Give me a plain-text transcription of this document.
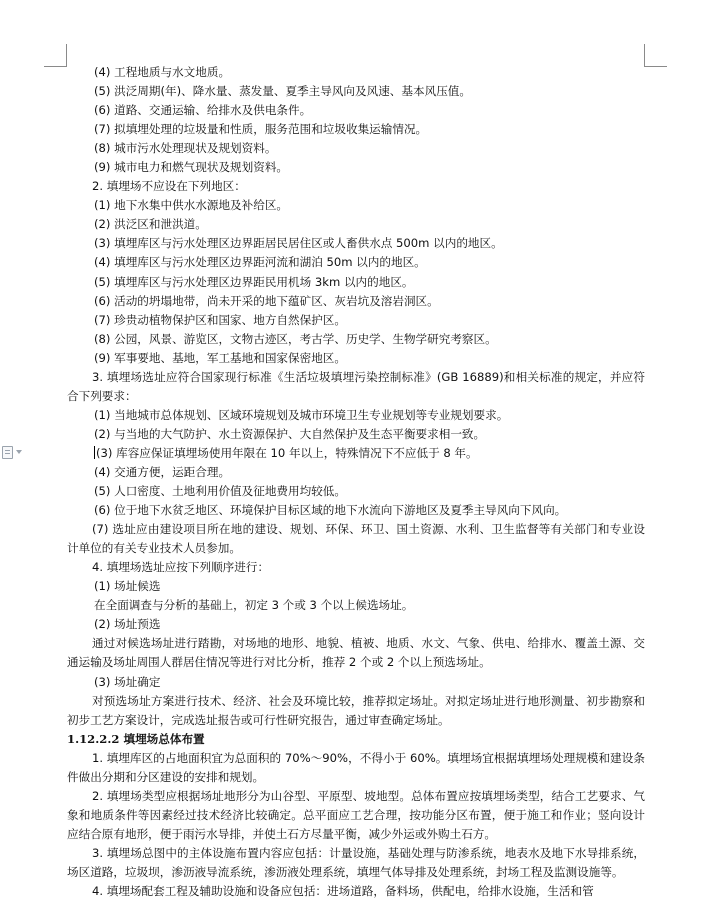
(4) 工程地质与水文地质。
(5) 洪泛周期(年)、降水量、蒸发量、夏季主导风向及风速、基本风压值。
(6) 道路、交通运输、给排水及供电条件。
(7) 拟填埋处理的垃圾量和性质，服务范围和垃圾收集运输情况。
(8) 城市污水处理现状及规划资料。
(9) 城市电力和燃气现状及规划资料。
2. 填埋场不应设在下列地区：
(1) 地下水集中供水水源地及补给区。
(2) 洪泛区和泄洪道。
(3) 填埋库区与污水处理区边界距居民居住区或人畜供水点 500m 以内的地区。
(4) 填埋库区与污水处理区边界距河流和湖泊 50m 以内的地区。
(5) 填埋库区与污水处理区边界距民用机场 3km 以内的地区。
(6) 活动的坍塌地带，尚未开采的地下蕴矿区、灰岩坑及溶岩洞区。
(7) 珍贵动植物保护区和国家、地方自然保护区。
(8) 公园，风景、游览区，文物古迹区，考古学、历史学、生物学研究考察区。
(9) 军事要地、基地，军工基地和国家保密地区。
3. 填埋场选址应符合国家现行标准《生活垃圾填埋污染控制标准》(GB 16889)和相关标准的规定，并应符合下列要求：
(1) 当地城市总体规划、区域环境规划及城市环境卫生专业规划等专业规划要求。
(2) 与当地的大气防护、水土资源保护、大自然保护及生态平衡要求相一致。
(3) 库容应保证填埋场使用年限在 10 年以上，特殊情况下不应低于 8 年。
(4) 交通方便，运距合理。
(5) 人口密度、土地利用价值及征地费用均较低。
(6) 位于地下水贫乏地区、环境保护目标区域的地下水流向下游地区及夏季主导风向下风向。
(7) 选址应由建设项目所在地的建设、规划、环保、环卫、国土资源、水利、卫生监督等有关部门和专业设计单位的有关专业技术人员参加。
4. 填埋场选址应按下列顺序进行：
(1) 场址候选
在全面调查与分析的基础上，初定 3 个或 3 个以上候选场址。
(2) 场址预选
通过对候选场址进行踏勘，对场地的地形、地貌、植被、地质、水文、气象、供电、给排水、覆盖土源、交通运输及场址周围人群居住情况等进行对比分析，推荐 2 个或 2 个以上预选场址。
(3) 场址确定
对预选场址方案进行技术、经济、社会及环境比较，推荐拟定场址。对拟定场址进行地形测量、初步勘察和初步工艺方案设计，完成选址报告或可行性研究报告，通过审查确定场址。
1.12.2.2 填埋场总体布置
1. 填埋库区的占地面积宜为总面积的 70%～90%，不得小于 60%。填埋场宜根据填埋场处理规模和建设条件做出分期和分区建设的安排和规划。
2. 填埋场类型应根据场址地形分为山谷型、平原型、坡地型。总体布置应按填埋场类型，结合工艺要求、气象和地质条件等因素经过技术经济比较确定。总平面应工艺合理，按功能分区布置，便于施工和作业；竖向设计应结合原有地形，便于雨污水导排，并使土石方尽量平衡，减少外运或外购土石方。
3. 填埋场总图中的主体设施布置内容应包括：计量设施，基础处理与防渗系统，地表水及地下水导排系统，场区道路，垃圾坝，渗沥液导流系统，渗沥液处理系统，填埋气体导排及处理系统，封场工程及监测设施等。
4. 填埋场配套工程及辅助设施和设备应包括：进场道路，备料场，供配电，给排水设施，生活和管
